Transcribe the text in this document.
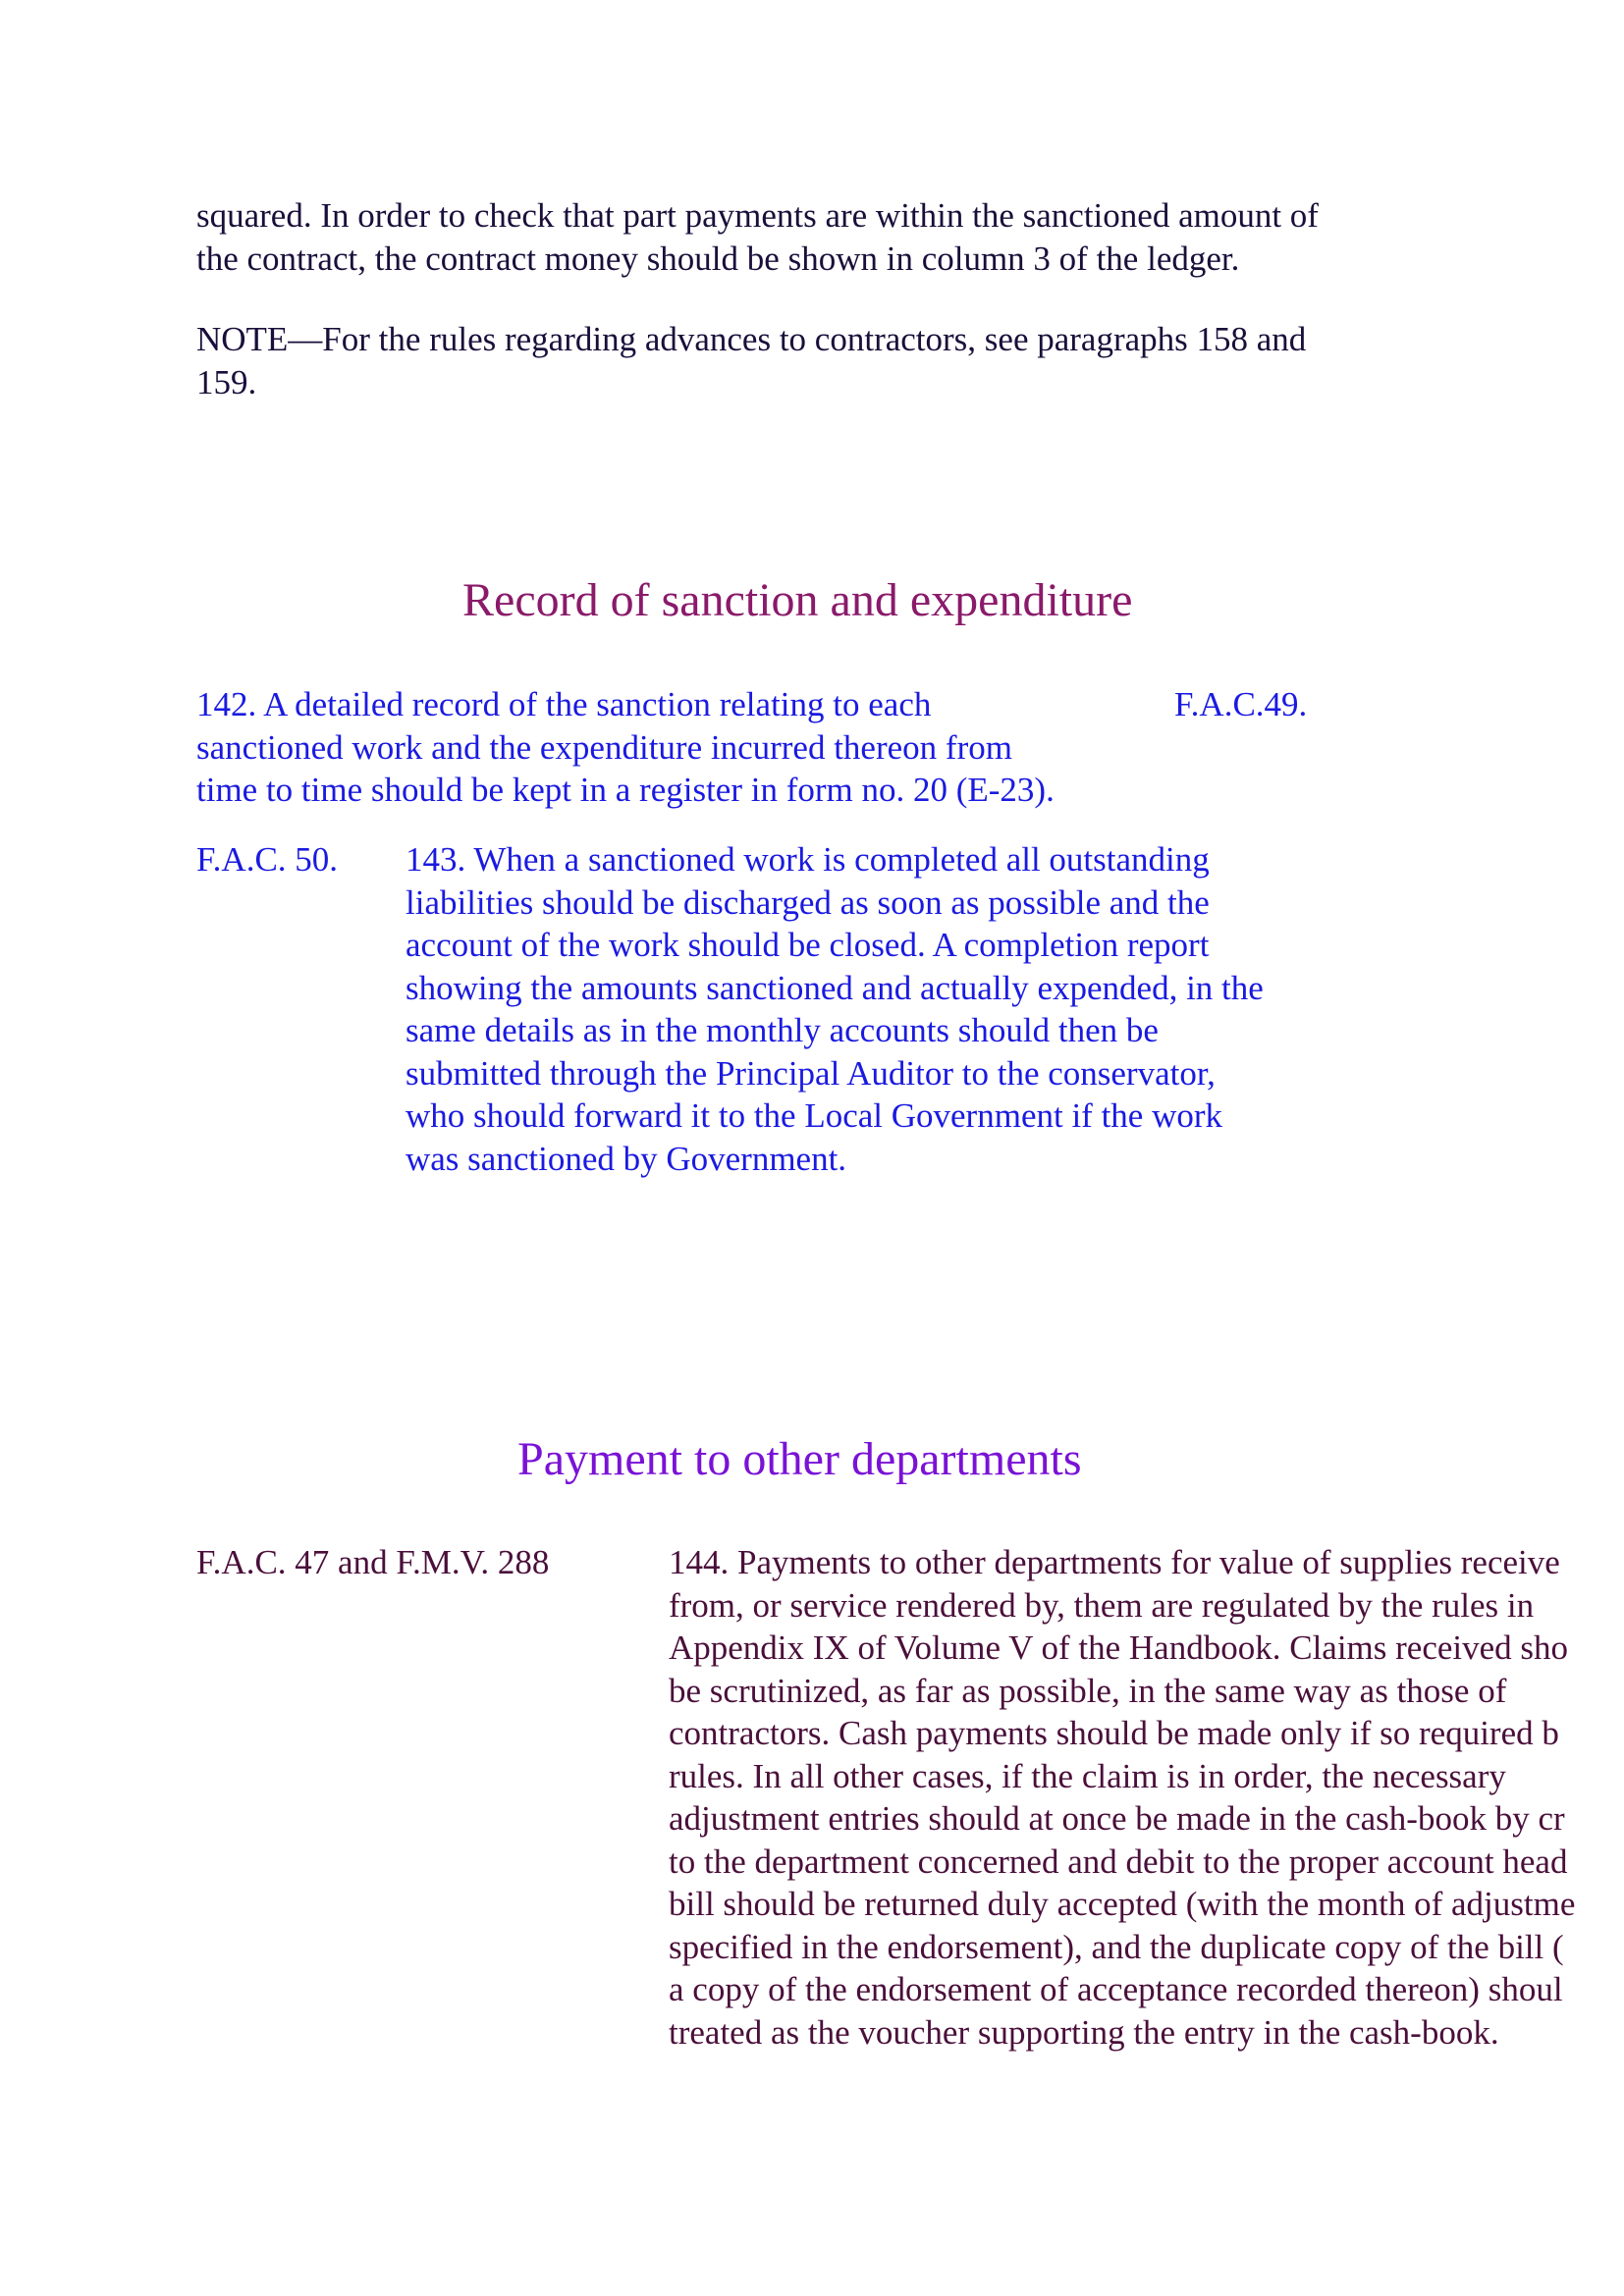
squared. In order to check that part payments are within the sanctioned amount of
the contract, the contract money should be shown in column 3 of the ledger.
NOTE—For the rules regarding advances to contractors, see paragraphs 158 and
159.
Record of sanction and expenditure
142. A detailed record of the sanction relating to each
sanctioned work and the expenditure incurred thereon from
time to time should be kept in a register in form no. 20 (E-23).
F.A.C.49.
F.A.C. 50. 143. When a sanctioned work is completed all outstanding
liabilities should be discharged as soon as possible and the
account of the work should be closed. A completion report
showing the amounts sanctioned and actually expended, in the
same details as in the monthly accounts should then be
submitted through the Principal Auditor to the conservator,
who should forward it to the Local Government if the work
was sanctioned by Government.
Payment to other departments
F.A.C. 47 and F.M.V. 288	144. Payments to other departments for value of supplies receive
from, or service rendered by, them are regulated by the rules in
Appendix IX of Volume V of the Handbook. Claims received sho
be scrutinized, as far as possible, in the same way as those of
contractors. Cash payments should be made only if so required b
rules. In all other cases, if the claim is in order, the necessary
adjustment entries should at once be made in the cash-book by cr
to the department concerned and debit to the proper account head
bill should be returned duly accepted (with the month of adjustme
specified in the endorsement), and the duplicate copy of the bill (
a copy of the endorsement of acceptance recorded thereon) shoul
treated as the voucher supporting the entry in the cash-book.
